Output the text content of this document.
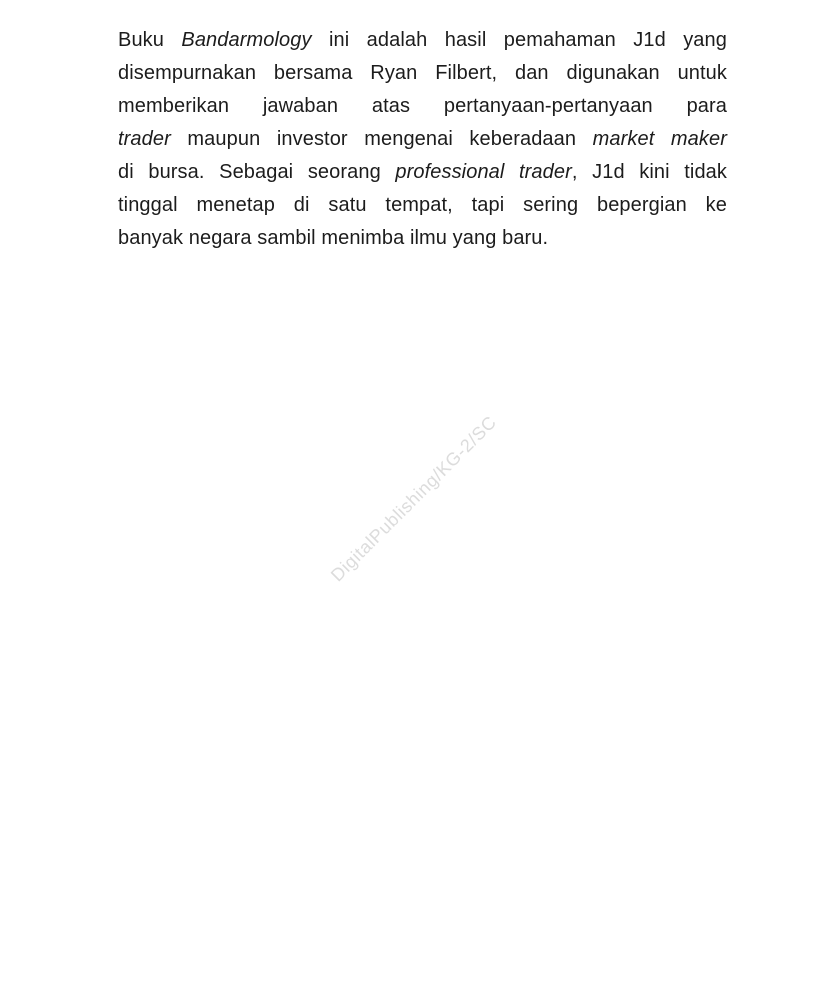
Buku Bandarmology ini adalah hasil pemahaman J1d yang
disempurnakan bersama Ryan Filbert, dan digunakan untuk
memberikan jawaban atas pertanyaan-pertanyaan para
trader maupun investor mengenai keberadaan market maker
di bursa. Sebagai seorang professional trader, J1d kini tidak
tinggal menetap di satu tempat, tapi sering bepergian ke
banyak negara sambil menimba ilmu yang baru.
DigitalPublishing/KG-2/SC
